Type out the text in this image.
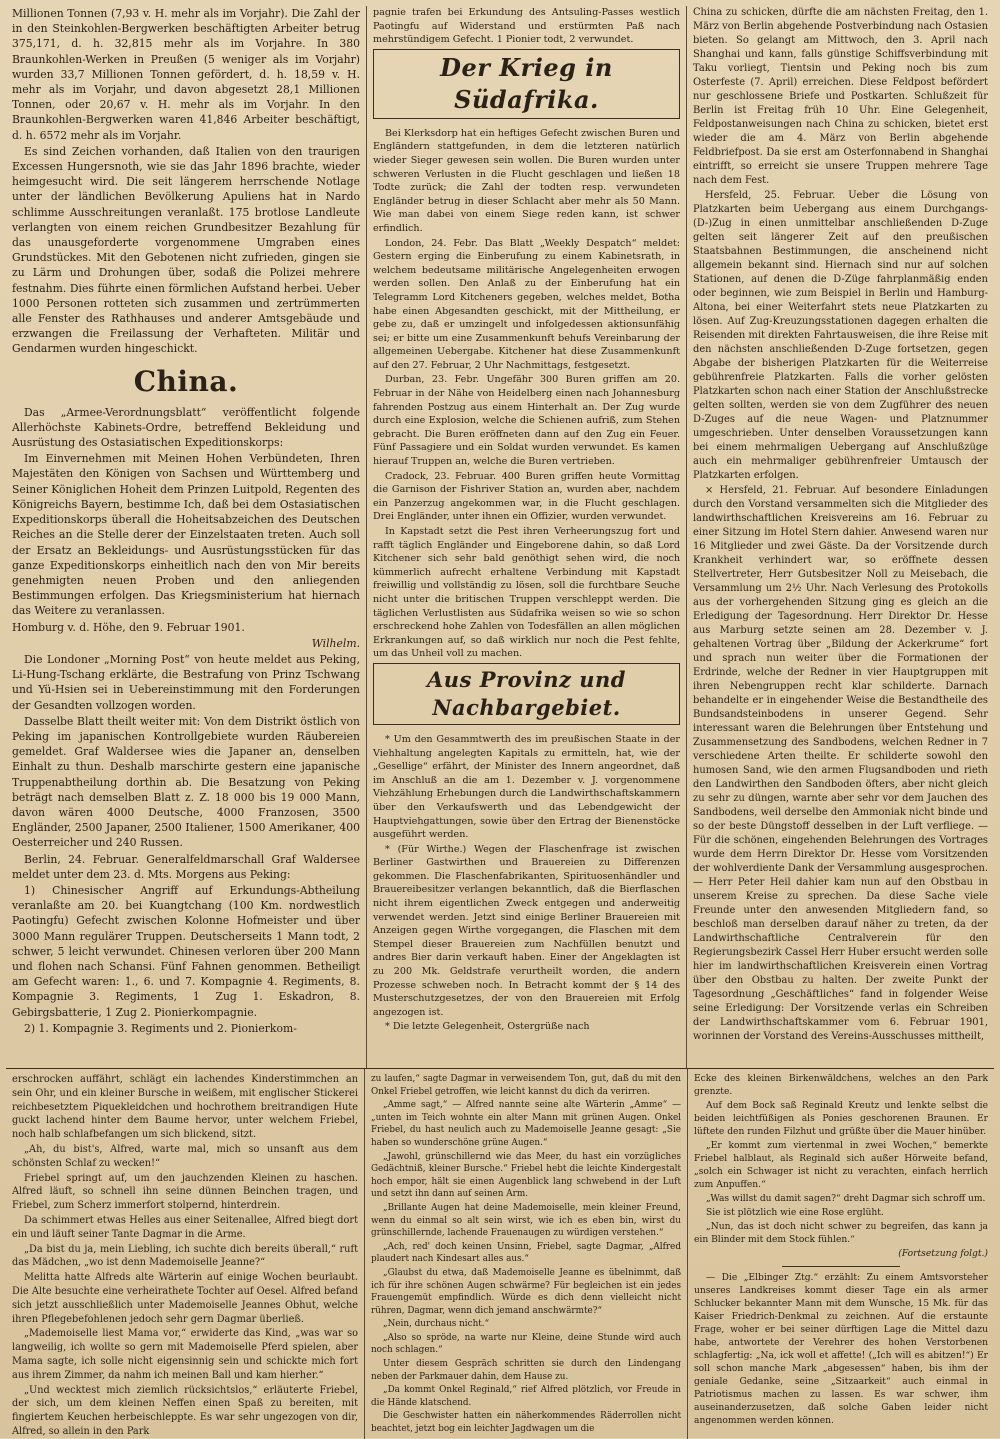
Millionen Tonnen (7,93 v. H. mehr als im Vorjahr). Die Zahl der in den Steinkohlen-Bergwerken beschäftigten Arbeiter betrug 375,171, d. h. 32,815 mehr als im Vorjahre. In 380 Braunkohlen-Werken in Preußen (5 weniger als im Vorjahr) wurden 33,7 Millionen Tonnen gefördert, d. h. 18,59 v. H. mehr als im Vorjahr, und davon abgesetzt 28,1 Millionen Tonnen, oder 20,67 v. H. mehr als im Vorjahr. In den Braunkohlen-Bergwerken waren 41,846 Arbeiter beschäftigt, d. h. 6572 mehr als im Vorjahr.

Es sind Zeichen vorhanden, daß Italien von den traurigen Excessen Hungersnoth, wie sie das Jahr 1896 brachte, wieder heimgesucht wird. Die seit längerem herrschende Notlage unter der ländlichen Bevölkerung Apuliens hat in Nardo schlimme Ausschreitungen veranlaßt. 175 brotlose Landleute verlangten von einem reichen Grundbesitzer Bezahlung für das unausgeforderte vorgenommene Umgraben eines Grundstückes. Mit den Gebotenen nicht zufrieden, gingen sie zu Lärm und Drohungen über, sodaß die Polizei mehrere festnahm. Dies führte einen förmlichen Aufstand herbei. Ueber 1000 Personen rotteten sich zusammen und zertrümmerten alle Fenster des Rathhauses und anderer Amtsgebäude und erzwangen die Freilassung der Verhafteten. Militär und Gendarmen wurden hingeschickt.

China.

Das „Armee-Verordnungsblatt“ veröffentlicht folgende Allerhöchste Kabinets-Ordre, betreffend Bekleidung und Ausrüstung des Ostasiatischen Expeditionskorps:

Im Einvernehmen mit Meinen Hohen Verbündeten, Ihren Majestäten den Königen von Sachsen und Württemberg und Seiner Königlichen Hoheit dem Prinzen Luitpold, Regenten des Königreichs Bayern, bestimme Ich, daß bei dem Ostasiatischen Expeditionskorps überall die Hoheitsabzeichen des Deutschen Reiches an die Stelle derer der Einzelstaaten treten. Auch soll der Ersatz an Bekleidungs- und Ausrüstungsstücken für das ganze Expeditionskorps einheitlich nach den von Mir bereits genehmigten neuen Proben und den anliegenden Bestimmungen erfolgen. Das Kriegsministerium hat hiernach das Weitere zu veranlassen.

Homburg v. d. Höhe, den 9. Februar 1901.

Wilhelm.

Die Londoner „Morning Post“ von heute meldet aus Peking, Li-Hung-Tschang erklärte, die Bestrafung von Prinz Tschwang und Yü-Hsien sei in Uebereinstimmung mit den Forderungen der Gesandten vollzogen worden.

Dasselbe Blatt theilt weiter mit: Von dem Distrikt östlich von Peking im japanischen Kontrollgebiete wurden Räubereien gemeldet. Graf Waldersee wies die Japaner an, denselben Einhalt zu thun. Deshalb marschirte gestern eine japanische Truppenabtheilung dorthin ab. Die Besatzung von Peking beträgt nach demselben Blatt z. Z. 18 000 bis 19 000 Mann, davon wären 4000 Deutsche, 4000 Franzosen, 3500 Engländer, 2500 Japaner, 2500 Italiener, 1500 Amerikaner, 400 Oesterreicher und 240 Russen.

Berlin, 24. Februar. Generalfeldmarschall Graf Waldersee meldet unter dem 23. d. Mts. Morgens aus Peking:

1) Chinesischer Angriff auf Erkundungs-Abtheilung veranlaßte am 20. bei Kuangtchang (100 Km. nordwestlich Paotingfu) Gefecht zwischen Kolonne Hofmeister und über 3000 Mann regulärer Truppen. Deutscherseits 1 Mann todt, 2 schwer, 5 leicht verwundet. Chinesen verloren über 200 Mann und flohen nach Schansi. Fünf Fahnen genommen. Betheiligt am Gefecht waren: 1., 6. und 7. Kompagnie 4. Regiments, 8. Kompagnie 3. Regiments, 1 Zug 1. Eskadron, 8. Gebirgsbatterie, 1 Zug 2. Pionierkompagnie.

2) 1. Kompagnie 3. Regiments und 2. Pionierkom-

pagnie trafen bei Erkundung des Antsuling-Passes westlich Paotingfu auf Widerstand und erstürmten Paß nach mehrstündigem Gefecht. 1 Pionier todt, 2 verwundet.

Der Krieg in Südafrika.

Bei Klerksdorp hat ein heftiges Gefecht zwischen Buren und Engländern stattgefunden, in dem die letzteren natürlich wieder Sieger gewesen sein wollen. Die Buren wurden unter schweren Verlusten in die Flucht geschlagen und ließen 18 Todte zurück; die Zahl der todten resp. verwundeten Engländer betrug in dieser Schlacht aber mehr als 50 Mann. Wie man dabei von einem Siege reden kann, ist schwer erfindlich.

London, 24. Febr. Das Blatt „Weekly Despatch“ meldet: Gestern erging die Einberufung zu einem Kabinetsrath, in welchem bedeutsame militärische Angelegenheiten erwogen werden sollen. Den Anlaß zu der Einberufung hat ein Telegramm Lord Kitcheners gegeben, welches meldet, Botha habe einen Abgesandten geschickt, mit der Mittheilung, er gebe zu, daß er umzingelt und infolgedessen aktionsunfähig sei; er bitte um eine Zusammenkunft behufs Vereinbarung der allgemeinen Uebergabe. Kitchener hat diese Zusammenkunft auf den 27. Februar, 2 Uhr Nachmittags, festgesetzt.

Durban, 23. Febr. Ungefähr 300 Buren griffen am 20. Februar in der Nähe von Heidelberg einen nach Johannesburg fahrenden Postzug aus einem Hinterhalt an. Der Zug wurde durch eine Explosion, welche die Schienen aufriß, zum Stehen gebracht. Die Buren eröffneten dann auf den Zug ein Feuer. Fünf Passagiere und ein Soldat wurden verwundet. Es kamen hierauf Truppen an, welche die Buren vertrieben.

Cradock, 23. Februar. 400 Buren griffen heute Vormittag die Garnison der Fishriver Station an, wurden aber, nachdem ein Panzerzug angekommen war, in die Flucht geschlagen. Drei Engländer, unter ihnen ein Offizier, wurden verwundet.

In Kapstadt setzt die Pest ihren Verheerungszug fort und rafft täglich Engländer und Eingeborene dahin, so daß Lord Kitchener sich sehr bald genöthigt sehen wird, die noch kümmerlich aufrecht erhaltene Verbindung mit Kapstadt freiwillig und vollständig zu lösen, soll die furchtbare Seuche nicht unter die britischen Truppen verschleppt werden. Die täglichen Verlustlisten aus Südafrika weisen so wie so schon erschreckend hohe Zahlen von Todesfällen an allen möglichen Erkrankungen auf, so daß wirklich nur noch die Pest fehlte, um das Unheil voll zu machen.

Aus Provinz und Nachbargebiet.

* Um den Gesammtwerth des im preußischen Staate in der Viehhaltung angelegten Kapitals zu ermitteln, hat, wie der „Gesellige“ erfährt, der Minister des Innern angeordnet, daß im Anschluß an die am 1. Dezember v. J. vorgenommene Viehzählung Erhebungen durch die Landwirthschaftskammern über den Verkaufswerth und das Lebendgewicht der Hauptviehgattungen, sowie über den Ertrag der Bienenstöcke ausgeführt werden.

* (Für Wirthe.) Wegen der Flaschenfrage ist zwischen Berliner Gastwirthen und Brauereien zu Differenzen gekommen. Die Flaschenfabrikanten, Spirituosenhändler und Brauereibesitzer verlangen bekanntlich, daß die Bierflaschen nicht ihrem eigentlichen Zweck entgegen und anderweitig verwendet werden. Jetzt sind einige Berliner Brauereien mit Anzeigen gegen Wirthe vorgegangen, die Flaschen mit dem Stempel dieser Brauereien zum Nachfüllen benutzt und andres Bier darin verkauft haben. Einer der Angeklagten ist zu 200 Mk. Geldstrafe verurtheilt worden, die andern Prozesse schweben noch. In Betracht kommt der § 14 des Musterschutzgesetzes, der von den Brauereien mit Erfolg angezogen ist.

* Die letzte Gelegenheit, Ostergrüße nach

China zu schicken, dürfte die am nächsten Freitag, den 1. März von Berlin abgehende Postverbindung nach Ostasien bieten. So gelangt am Mittwoch, den 3. April nach Shanghai und kann, falls günstige Schiffsverbindung mit Taku vorliegt, Tientsin und Peking noch bis zum Osterfeste (7. April) erreichen. Diese Feldpost befördert nur geschlossene Briefe und Postkarten. Schlußzeit für Berlin ist Freitag früh 10 Uhr. Eine Gelegenheit, Feldpostanweisungen nach China zu schicken, bietet erst wieder die am 4. März von Berlin abgehende Feldbriefpost. Da sie erst am Osterfonnabend in Shanghai eintrifft, so erreicht sie unsere Truppen mehrere Tage nach dem Fest.

Hersfeld, 25. Februar. Ueber die Lösung von Platzkarten beim Uebergang aus einem Durchgangs-(D-)Zug in einen unmittelbar anschließenden D-Zuge gelten seit längerer Zeit auf den preußischen Staatsbahnen Bestimmungen, die anscheinend nicht allgemein bekannt sind. Hiernach sind nur auf solchen Stationen, auf denen die D-Züge fahrplanmäßig enden oder beginnen, wie zum Beispiel in Berlin und Hamburg-Altona, bei einer Weiterfahrt stets neue Platzkarten zu lösen. Auf Zug-Kreuzungsstationen dagegen erhalten die Reisenden mit direkten Fahrtausweisen, die ihre Reise mit den nächsten anschließenden D-Zuge fortsetzen, gegen Abgabe der bisherigen Platzkarten für die Weiterreise gebührenfreie Platzkarten. Falls die vorher gelösten Platzkarten schon nach einer Station der Anschlußstrecke gelten sollten, werden sie von dem Zugführer des neuen D-Zuges auf die neue Wagen- und Platznummer umgeschrieben. Unter denselben Voraussetzungen kann bei einem mehrmaligen Uebergang auf Anschlußzüge auch ein mehrmaliger gebührenfreier Umtausch der Platzkarten erfolgen.

× Hersfeld, 21. Februar. Auf besondere Einladungen durch den Vorstand versammelten sich die Mitglieder des landwirthschaftlichen Kreisvereins am 16. Februar zu einer Sitzung im Hotel Stern dahier. Anwesend waren nur 16 Mitglieder und zwei Gäste. Da der Vorsitzende durch Krankheit verhindert war, so eröffnete dessen Stellvertreter, Herr Gutsbesitzer Noll zu Meisebach, die Versammlung um 2½ Uhr. Nach Verlesung des Protokolls aus der vorhergehenden Sitzung ging es gleich an die Erledigung der Tagesordnung. Herr Direktor Dr. Hesse aus Marburg setzte seinen am 28. Dezember v. J. gehaltenen Vortrag über „Bildung der Ackerkrume“ fort und sprach nun weiter über die Formationen der Erdrinde, welche der Redner in vier Hauptgruppen mit ihren Nebengruppen recht klar schilderte. Darnach behandelte er in eingehender Weise die Bestandtheile des Bundsandsteinbodens in unserer Gegend. Sehr interessant waren die Belehrungen über Entstehung und Zusammensetzung des Sandbodens, welchen Redner in 7 verschiedene Arten theilte. Er schilderte sowohl den humosen Sand, wie den armen Flugsandboden und rieth den Landwirthen den Sandboden öfters, aber nicht gleich zu sehr zu düngen, warnte aber sehr vor dem Jauchen des Sandbodens, weil derselbe den Ammoniak nicht binde und so der beste Düngstoff desselben in der Luft verfliege. — Für die schönen, eingehenden Belehrungen des Vortrages wurde dem Herrn Direktor Dr. Hesse vom Vorsitzenden der wohlverdiente Dank der Versammlung ausgesprochen. — Herr Peter Heil dahier kam nun auf den Obstbau in unserem Kreise zu sprechen. Da diese Sache viele Freunde unter den anwesenden Mitgliedern fand, so beschloß man derselben darauf näher zu treten, da der Landwirthschaftliche Centralverein für den Regierungsbezirk Cassel Herr Huber ersucht werden solle hier im landwirthschaftlichen Kreisverein einen Vortrag über den Obstbau zu halten. Der zweite Punkt der Tagesordnung „Geschäftliches“ fand in folgender Weise seine Erledigung: Der Vorsitzende verlas ein Schreiben der Landwirthschaftskammer vom 6. Februar 1901, worinnen der Vorstand des Vereins-Ausschusses mittheilt,

erschrocken auffährt, schlägt ein lachendes Kinderstimmchen an sein Ohr, und ein kleiner Bursche in weißem, mit englischer Stickerei reichbesetztem Piquekleidchen und hochrothem breitrandigen Hute guckt lachend hinter dem Baume hervor, unter welchem Friebel, noch halb schlafbefangen um sich blickend, sitzt.

„Ah, du bist's, Alfred, warte mal, mich so unsanft aus dem schönsten Schlaf zu wecken!“

Friebel springt auf, um den jauchzenden Kleinen zu haschen. Alfred läuft, so schnell ihn seine dünnen Beinchen tragen, und Friebel, zum Scherz immerfort stolpernd, hinterdrein.

Da schimmert etwas Helles aus einer Seitenallee, Alfred biegt dort ein und läuft seiner Tante Dagmar in die Arme.

„Da bist du ja, mein Liebling, ich suchte dich bereits überall,“ ruft das Mädchen, „wo ist denn Mademoiselle Jeanne?“

Melitta hatte Alfreds alte Wärterin auf einige Wochen beurlaubt. Die Alte besuchte eine verheirathete Tochter auf Oesel. Alfred befand sich jetzt ausschließlich unter Mademoiselle Jeannes Obhut, welche ihren Pflegebefohlenen jedoch sehr gern Dagmar überließ.

„Mademoiselle liest Mama vor,“ erwiderte das Kind, „was war so langweilig, ich wollte so gern mit Mademoiselle Pferd spielen, aber Mama sagte, ich solle nicht eigensinnig sein und schickte mich fort aus ihrem Zimmer, da nahm ich meinen Ball und kam hierher.“

„Und wecktest mich ziemlich rücksichtslos,“ erläuterte Friebel, der sich, um dem kleinen Neffen einen Spaß zu bereiten, mit fingiertem Keuchen herbeischleppte. Es war sehr ungezogen von dir, Alfred, so allein in den Park

zu laufen,“ sagte Dagmar in verweisendem Ton, gut, daß du mit den Onkel Friebel getroffen, wie leicht kannst du dich da verirren.

„Amme sagt,“ — Alfred nannte seine alte Wärterin „Amme“ — „unten im Teich wohnte ein alter Mann mit grünen Augen. Onkel Friebel, du hast neulich auch zu Mademoiselle Jeanne gesagt: „Sie haben so wunderschöne grüne Augen.“

„Jawohl, grünschillernd wie das Meer, du hast ein vorzügliches Gedächtniß, kleiner Bursche.“ Friebel hebt die leichte Kindergestalt hoch empor, hält sie einen Augenblick lang schwebend in der Luft und setzt ihn dann auf seinen Arm.

„Brillante Augen hat deine Mademoiselle, mein kleiner Freund, wenn du einmal so alt sein wirst, wie ich es eben bin, wirst du grünschillernde, lachende Frauenaugen zu würdigen verstehen.“

„Ach, red' doch keinen Unsinn, Friebel, sagte Dagmar, „Alfred plaudert nach Kindesart alles aus.“

„Glaubst du etwa, daß Mademoiselle Jeanne es übelnimmt, daß ich für ihre schönen Augen schwärme? Für begleichen ist ein jedes Frauengemüt empfindlich. Würde es dich denn vielleicht nicht rühren, Dagmar, wenn dich jemand anschwärmte?“

„Nein, durchaus nicht.“

„Also so spröde, na warte nur Kleine, deine Stunde wird auch noch schlagen.“

Unter diesem Gespräch schritten sie durch den Lindengang neben der Parkmauer dahin, dem Hause zu.

„Da kommt Onkel Reginald,“ rief Alfred plötzlich, vor Freude in die Hände klatschend.

Die Geschwister hatten ein näherkommendes Räderrollen nicht beachtet, jetzt bog ein leichter Jagdwagen um die

Ecke des kleinen Birkenwäldchens, welches an den Park grenzte.

Auf dem Bock saß Reginald Kreutz und lenkte selbst die beiden leichtfüßigen als Ponies geschorenen Braunen. Er lüftete den runden Filzhut und grüßte über die Mauer hinüber.

„Er kommt zum viertenmal in zwei Wochen,“ bemerkte Friebel halblaut, als Reginald sich außer Hörweite befand, „solch ein Schwager ist nicht zu verachten, einfach herrlich zum Anpuffen.“

„Was willst du damit sagen?“ dreht Dagmar sich schroff um.

Sie ist plötzlich wie eine Rose erglüht.

„Nun, das ist doch nicht schwer zu begreifen, das kann ja ein Blinder mit dem Stock fühlen.“

(Fortsetzung folgt.)

— Die „Elbinger Ztg.“ erzählt: Zu einem Amtsvorsteher unseres Landkreises kommt dieser Tage ein als armer Schlucker bekannter Mann mit dem Wunsche, 15 Mk. für das Kaiser Friedrich-Denkmal zu zeichnen. Auf die erstaunte Frage, woher er bei seiner dürftigen Lage die Mittel dazu habe, antwortete der Verehrer des hohen Verstorbenen schlagfertig: „Na, ick woll et affette! („Ich will es abitzen!“) Er soll schon manche Mark „abgesessen“ haben, bis ihm der geniale Gedanke, seine „Sitzaarkeit“ auch einmal in Patriotismus machen zu lassen. Es war schwer, ihm auseinanderzusetzen, daß solche Gaben leider nicht angenommen werden können.
